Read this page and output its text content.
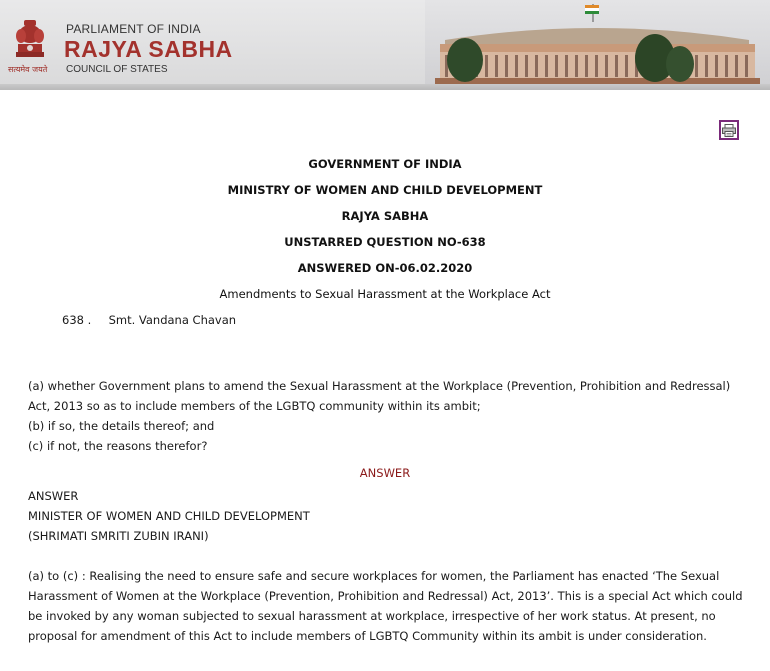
सत्यमेव जयते
PARLIAMENT OF INDIA
RAJYA SABHA
COUNCIL OF STATES
GOVERNMENT OF INDIA
MINISTRY OF WOMEN AND CHILD DEVELOPMENT
RAJYA SABHA
UNSTARRED QUESTION NO-638
ANSWERED ON-06.02.2020
Amendments to Sexual Harassment at the Workplace Act
638 . Smt. Vandana Chavan
(a) whether Government plans to amend the Sexual Harassment at the Workplace (Prevention, Prohibition and Redressal)
Act, 2013 so as to include members of the LGBTQ community within its ambit;
(b) if so, the details thereof; and
(c) if not, the reasons therefor?
ANSWER
ANSWER
MINISTER OF WOMEN AND CHILD DEVELOPMENT
(SHRIMATI SMRITI ZUBIN IRANI)
(a) to (c) : Realising the need to ensure safe and secure workplaces for women, the Parliament has enacted ‘The Sexual
Harassment of Women at the Workplace (Prevention, Prohibition and Redressal) Act, 2013’. This is a special Act which could
be invoked by any woman subjected to sexual harassment at workplace, irrespective of her work status. At present, no
proposal for amendment of this Act to include members of LGBTQ Community within its ambit is under consideration.
